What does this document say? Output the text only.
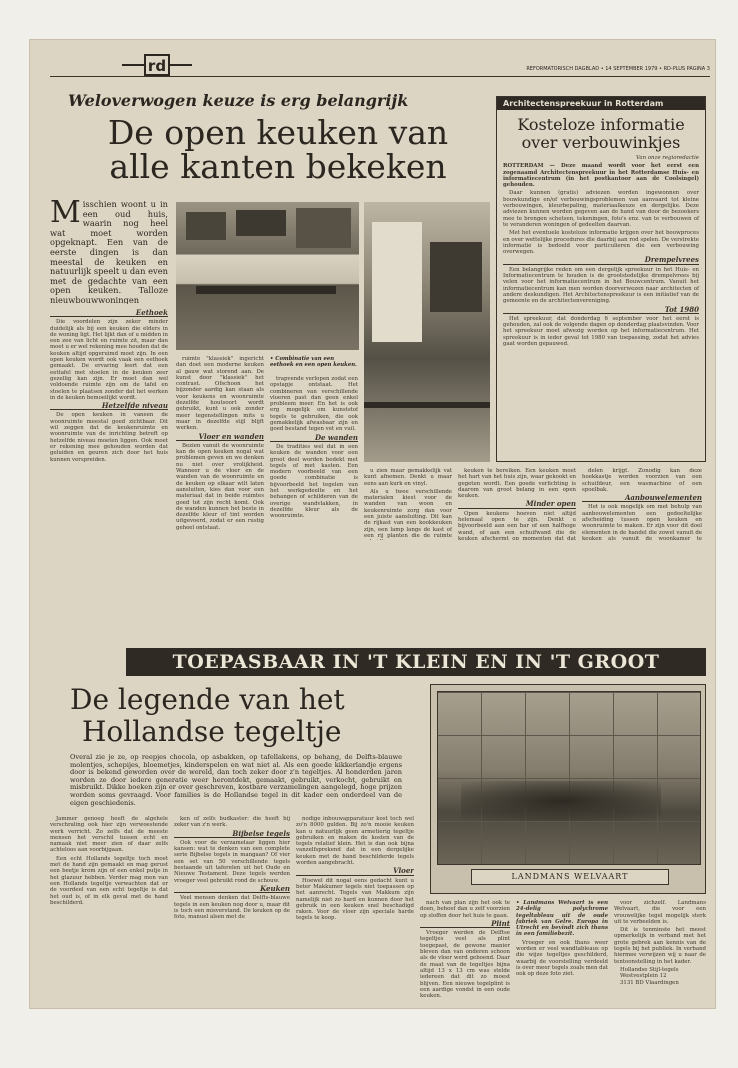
rd	REFORMATORISCH DAGBLAD • 14 SEPTEMBER 1979 • RD-PLUS PAGINA 3
Weloverwogen keuze is erg belangrijk
De open keuken van
alle kanten bekeken
Misschien woont u in een oud huis, waarin nog heel wat moet worden opgeknapt. Een van de eerste dingen is dan meestal de keuken en natuurlijk speelt u dan even met de gedachte van een open keuken. Talloze nieuwbouwwoningen
Eethoek

Die voordelen zijn zeker minder duidelijk als bij een keuken die elders in de woning ligt. Het lijkt dan of u midden in een zee van licht en ruimte zit, maar dan moet u er wel rekening mee houden dat de keuken altijd opgeruimd moet zijn. In een open keuken wordt ook vaak een eethoek gemaakt. De ervaring leert dat een eettafel met stoelen in de keuken zeer gezellig kan zijn. Er moet dan wel voldoende ruimte zijn om de tafel en stoelen te plaatsen zonder dat het werken in de keuken bemoeilijkt wordt.

Hetzelfde niveau

De open keuken in vaneen de woonruimte meestal goed zichtbaar. Dit wil zeggen dat de keukenruimte en woonruimte van de inrichting betreft op hetzelfde niveau moeten liggen. Ook moet er rekening mee gehouden worden dat geluiden en geuren zich door het huis kunnen verspreiden.

ruimte "klassiek" ingericht dan doet een moderne keuken al gauw wat storend aan. De kunst door "klassiek" het contrast. Ofschoon het bijzonder aardig kan staan als voor keukens en woonruimte dezelfde houtsoort wordt gebruikt, kunt u ook zonder meer tegenstellingen mits u maar in dezelfde stijl blijft werken.

Vloer en wanden

Bezien vanuit de woonruimte kan de open keuken nogal wat problemen geven en we denken nu niet over vrolijkheid. Wanneer u de vloer en de wanden van de woonruimte en de keuken op elkaar wilt laten aansluiten, kies dan voor een materiaal dat in beide ruimtes goed tot zijn recht komt. Ook de wanden kunnen het beste in dezelfde kleur of tint worden uitgevoerd, zodat er een rustig geheel ontstaat.

• Combinatie van een eethoek en een open keuken.

trapvende verlopen zodat een opstapje ontstaat. Het combineren van verschillende vloeren past dan geen enkel probleem meer. En het is ook erg mogelijk om kunststof tegels te gebruiken, die ook gemakkelijk afwasbaar zijn en goed bestand tegen vet en vuil.

De wanden

De tradities wel dat in een keuken de wanden voor een groot deel worden bedekt met tegels of met kasten. Een modern voorbeeld van een goede combinatie is bijvoorbeeld het tegelen van het werkgedeelte en het behangen of schilderen van de overige wandvlakken, in dezelfde kleur als de woonruimte.

u zien maar gemakkelijk vat kunt afnemen. Denkt u maar eens aan kurk en vinyl.

Als u twee verschillende materialen kiest voor de wanden van woon en keukenruimte zorg dan voor een juiste aansluiting. Dit kan de rijkast van een kookkeuken zijn, een lamp langs de kast of een rij planten die de ruimte

keuken te bereiken. Een keuken moet het hart van het huis zijn, waar gekookt en gegeten wordt. Een goede verlichting is daarom van groot belang in een open keuken.

Minder open

Open keukens hoeven niet altijd helemaal open te zijn. Denkt u bijvoorbeeld aan een bar of een halfhoge wand, of aan een schuifwand die de keuken afschermt op momenten dat dat

delen krijgt. Zonodig kan deze hoekkastje worden voorzien van een schuifdeur, een wasmachine of een spoelbak.

Aanbouwelementen

Het is ook mogelijk om met behulp van aanbouwelementen een gedeeltelijke afscheiding tussen open keuken en woonruimte te maken. Er zijn voor dit doel elementen in de handel die zowel vanuit de keuken als vanuit de woonkamer te

Architectenspreekuur in Rotterdam
Kosteloze informatie
over verbouwinkjes
Van onze regioredactie

ROTTERDAM — Deze maand wordt voor het eerst een zogenaamd Architectenspreekuur in het Rotterdamse Huis- en informatiecentrum (in het postkantoor aan de Coolsingel) gehouden.

Daar kunnen (gratis) adviezen worden ingewonnen over bouwkundige en/of verbouwingsproblemen van aanvaard tot kleine verbouwingen, kleurbepaling, materiaalkeuze en dergelijke. Deze adviezen kunnen worden gegeven aan de hand van door de bezoekers mee te brengen schetsen, tekeningen, foto's enz. van te verbouwen of te veranderen woningen of gedeelten daarvan.

Met het eventuele kosteloze informatie krijgen over het bouwproces en over wettelijke procedures die daarbij aan rod spelen. De verstrekte informatie is bedoeld voor particulieren die een verbouwing overwegen.

Drempelvrees

Een belangrijke reden om een dergelijk spreekuur in het Huis- en Informatiecentrum te houden is de grootstedelijke drempelvrees bij velen voor het informatiecentrum in het Bouwcentrum. Vanuit het informatiecentrum kan men worden doorverwezen naar architecten of andere deskundigen. Het Architectenspreekuur is een initiatief van de gemeente en de architectenvereniging.

Tot 1980

Het spreekuur, dat donderdag 6 september voor het eerst is gehouden, zal ook de volgende dagen op donderdag plaatsvinden. Voor het spreekuur moet afwezig worden op het informatiecentrum. Het spreekuur is in ieder geval tot 1980 van toepassing, zodat het advies gaat worden gepauwed.

TOEPASBAAR IN 'T KLEIN EN IN 'T GROOT
De legende van het
Hollandse tegeltje
Overal zie je ze, op reepjes chocola, op asbakken, op tafellakens, op behang, de Delfts-blauwe molentjes, schepijes, bloemetjes, kinderspelen en wat niet al. Als een goede kikkerlandje ergens door is bekend geworden over de wereld, dan toch zeker door z'n tegeltjes. Al honderden jaren worden ze door iedere generatie weer herontdekt, gemaakt, gebruikt, verkocht, gebruikt en misbruikt. Dikke boeken zijn er over geschreven, kostbare verzamelingen aangelegd, hoge prijzen worden soms gevraagd. Voor families is de Hollandse tegel in dit kader een onderdeel van de eigen geschiedenis.
LANDMANS WELVAART

Jammer genoeg heeft de algehele verschraling ook hier zijn verwoestende werk verricht. Zo zelfs dat de meeste mensen het verschil tussen echt en namaak niet meer zien of daar zelfs achteloos aan voorbijgaan.

Een echt Hollands tegeltje toch moet met de hand zijn gemaakt en mag gerust een beetje krom zijn of een enkel putje in het glazuur hebben. Verder mag men van een Hollands tegeltje verwachten dat er de voordeel van een echt tegeltje is dat het oud is, of in elk geval met de hand beschilderd.

ken of zelfs budkaster: die heeft bij zeker van z'n werk.

Bijbelse tegels

Ook voor de verzamelaar liggen hier kansen: wat te denken van een complete serie Bijbelse tegels in mangaan? Of vier een set van 50 verschillende tegels bestaande uit taferelen uit het Oude en Nieuwe Testament. Deze tegels werden vroeger veel gebruikt rond de schouw.

Keuken

Veel mensen denken dat Delfts-blauwe tegels in een keuken nog door u, maar dit is toch een misverstand. De keuken op de foto, manuel alsen met de

nodige inbouwapparatuur kost toch wel zo'n 8000 gulden. Bij zo'n mooie keuken kan u natuurlijk geen armetierig tegeltje gebruiken en maken de kosten van de tegels relatief klein. Het is dan ook bijna vanzelfsprekend dat in een dergelijke keuken met de hand beschilderde tegels worden aangebracht.

Vloer

Hoewel dit nogal eens gedacht kunt u beter Makkumer tegels niet toepassen op het aanrecht. Tegels van Makkum zijn namelijk niet zo hard en kunnen door het gebruik in een keuken snel beschadigd raken. Voor de vloer zijn speciale harde tegels te koop.

nach van plan zijn het ook te doen, behoef dan u zelf voorzien op sloffen door het huis te gaan.

Plint

Vroeger werden de Delftse tegeltjes veel als plint toegepast, de gewone manier bleven dan van onderen schoon als de vloer werd geboend. Daar de maat van de tegeltjes bijna altijd 13 x 13 cm was stelde iedereen dat dit zo moest blijven. Een nieuwe tegelplint is een aardige vondst in een oude keuken.

• Landmans Welvaart is een 24-delig polychrome tegeltableau uit de oude fabriek van Gelre. Europa in Utrecht en bevindt zich thans in een familiebezit.

Vroeger en ook thans weer worden er veel wandtableaus op die wijze tegeltjes geschilderd, waarbij de voorstelling verdeeld is over meer tegels zoals men dat ook op deze foto ziet.

voor zichzelf. Landmans Welvaart, die voor een vrouwelijke tegel mogelijk sterk uit te verbeelden is.

Dit is tenminste het meest opmerkelijk in verband met het grote gebrek aan kennis van de tegels bij het publiek. In verband hiermee verwijzen wij u naar de tentoonstelling in het kader.

Hollandse Stijl-tegels
Westvestplein 12
3131 BD Vlaardingen
